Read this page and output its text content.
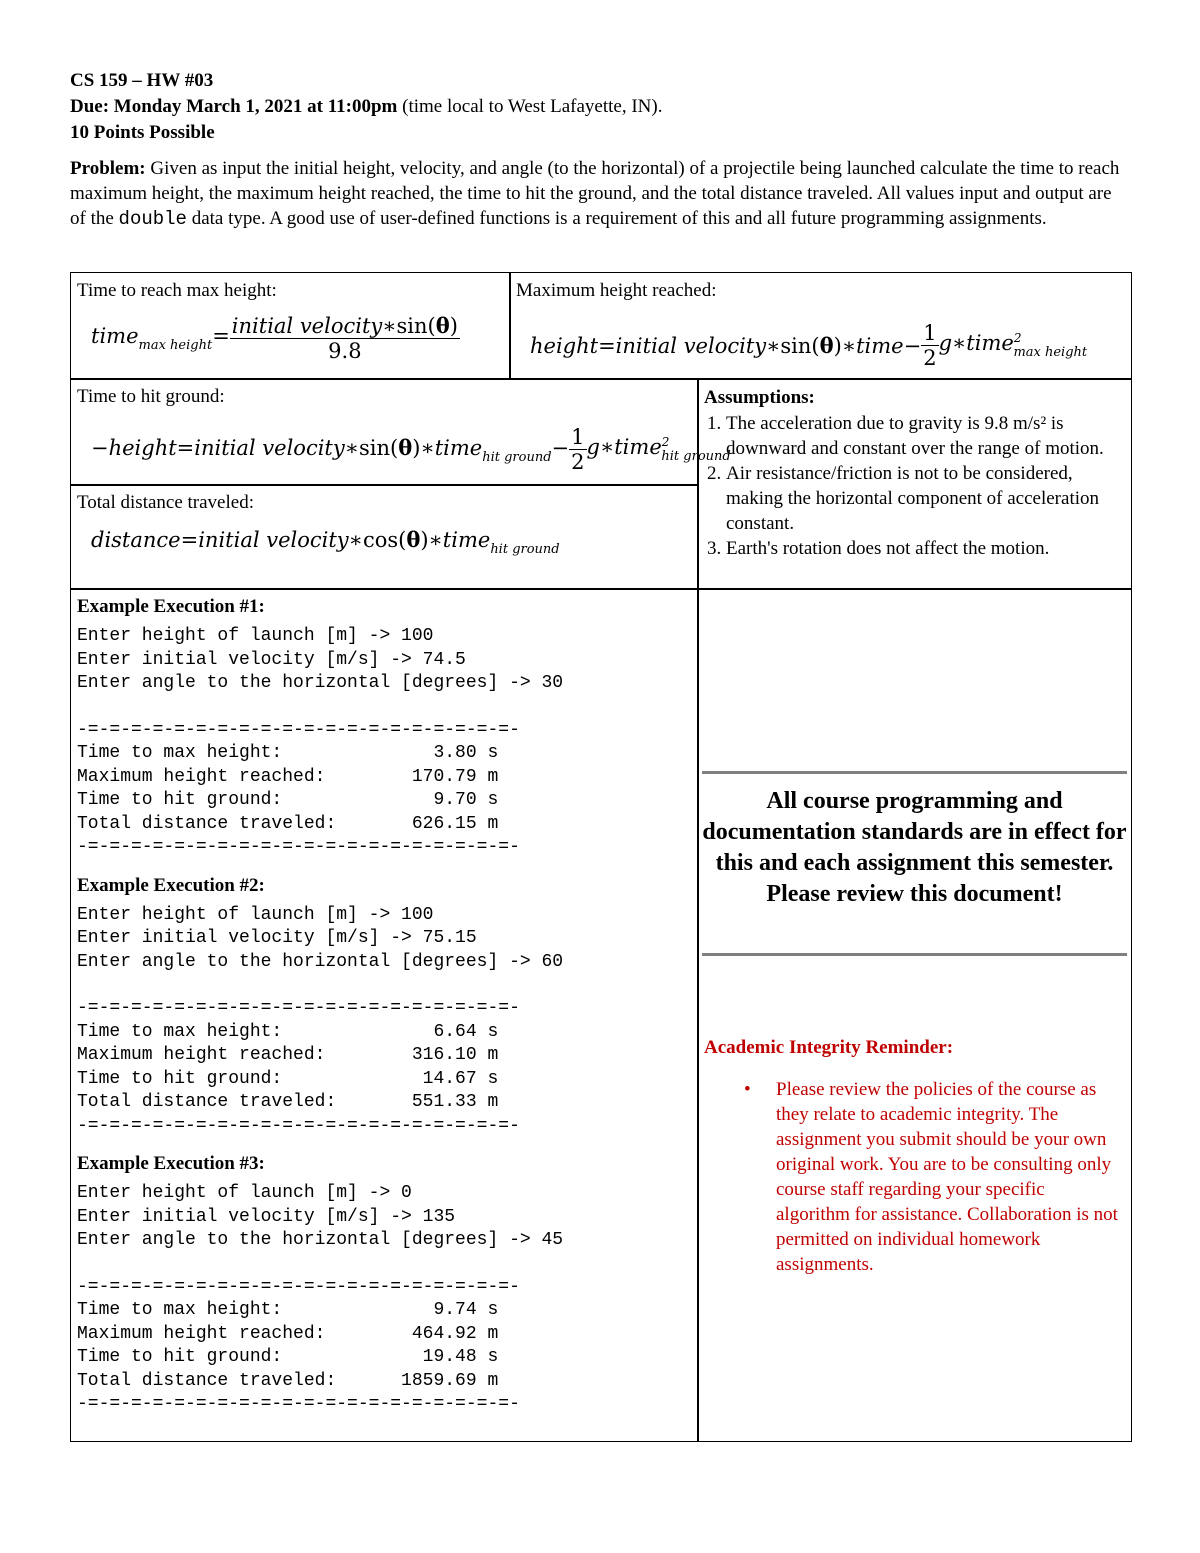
CS 159 – HW #03
Due: Monday March 1, 2021 at 11:00pm (time local to West Lafayette, IN).
10 Points Possible
Problem: Given as input the initial height, velocity, and angle (to the horizontal) of a projectile being launched calculate the time to reach maximum height, the maximum height reached, the time to hit the ground, and the total distance traveled. All values input and output are of the double data type. A good use of user-defined functions is a requirement of this and all future programming assignments.
Time to reach max height:
time$_{max height}$= $\frac{\text{initial velocity∗sin(θ)}}{9.8}$
Maximum height reached:
height=initial velocity∗sin(θ)∗time− $\frac{1}{2}$ g∗time$^2_{max height}$
Time to hit ground:
−height=initial velocity∗sin(θ)∗time$_{hit ground}$− $\frac{1}{2}$ g∗time$^2_{hit ground}$
Total distance traveled:
distance=initial velocity∗cos(θ)∗time$_{hit ground}$
Assumptions:
1. The acceleration due to gravity is 9.8 m/s² is downward and constant over the range of motion.
2. Air resistance/friction is not to be considered, making the horizontal component of acceleration constant.
3. Earth's rotation does not affect the motion.
Example Execution #1:
Enter height of launch [m] -> 100
Enter initial velocity [m/s] -> 74.5
Enter angle to the horizontal [degrees] -> 30
-=-=-=-=-=-=-=-=-=-=-=-=-=-=-=-=-=-=-=-=-
Time to max height:              3.80 s
Maximum height reached:        170.79 m
Time to hit ground:              9.70 s
Total distance traveled:       626.15 m
-=-=-=-=-=-=-=-=-=-=-=-=-=-=-=-=-=-=-=-=-
Example Execution #2:
Enter height of launch [m] -> 100
Enter initial velocity [m/s] -> 75.15
Enter angle to the horizontal [degrees] -> 60
-=-=-=-=-=-=-=-=-=-=-=-=-=-=-=-=-=-=-=-=-
Time to max height:              6.64 s
Maximum height reached:        316.10 m
Time to hit ground:             14.67 s
Total distance traveled:       551.33 m
-=-=-=-=-=-=-=-=-=-=-=-=-=-=-=-=-=-=-=-=-
Example Execution #3:
Enter height of launch [m] -> 0
Enter initial velocity [m/s] -> 135
Enter angle to the horizontal [degrees] -> 45
-=-=-=-=-=-=-=-=-=-=-=-=-=-=-=-=-=-=-=-=-
Time to max height:              9.74 s
Maximum height reached:        464.92 m
Time to hit ground:             19.48 s
Total distance traveled:      1859.69 m
-=-=-=-=-=-=-=-=-=-=-=-=-=-=-=-=-=-=-=-=-
All course programming and documentation standards are in effect for this and each assignment this semester. Please review this document!
Academic Integrity Reminder:
• Please review the policies of the course as they relate to academic integrity. The assignment you submit should be your own original work. You are to be consulting only course staff regarding your specific algorithm for assistance. Collaboration is not permitted on individual homework assignments.
